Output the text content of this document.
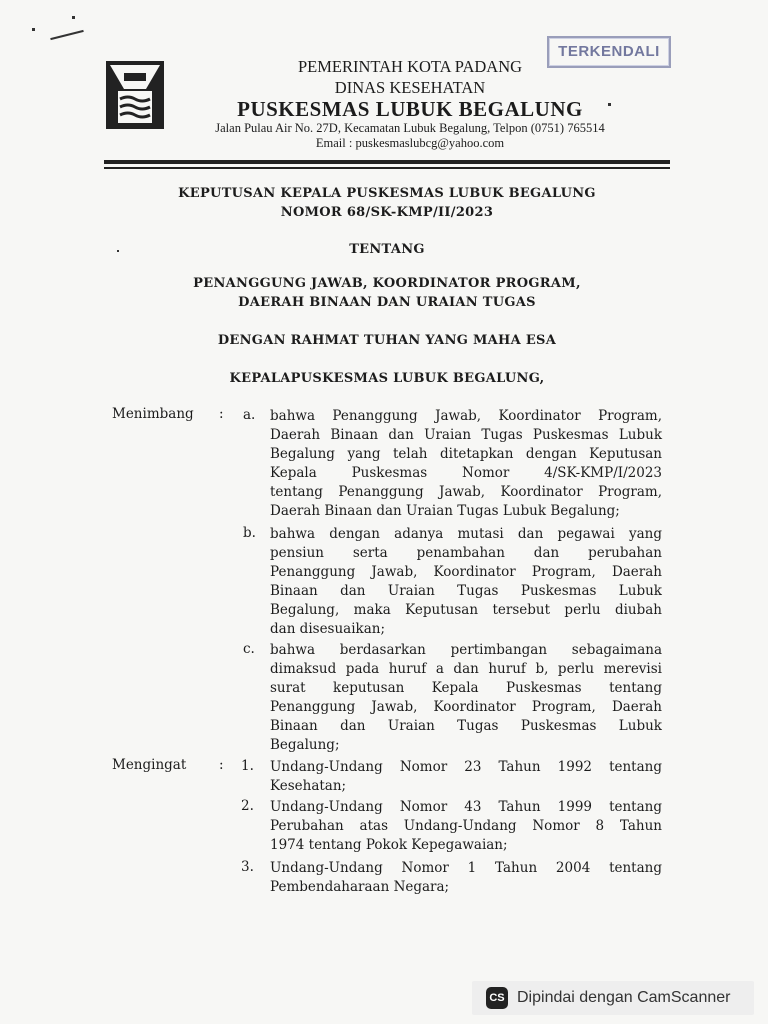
PEMERINTAH KOTA PADANG
DINAS KESEHATAN
PUSKESMAS LUBUK BEGALUNG
Jalan Pulau Air No. 27D, Kecamatan Lubuk Begalung, Telpon (0751) 765514
Email : puskesmaslubcg@yahoo.com
TERKENDALI
KEPUTUSAN KEPALA PUSKESMAS LUBUK BEGALUNG
NOMOR 68/SK-KMP/II/2023
TENTANG
PENANGGUNG JAWAB, KOORDINATOR PROGRAM,
DAERAH BINAAN DAN URAIAN TUGAS
DENGAN RAHMAT TUHAN YANG MAHA ESA
KEPALAPUSKESMAS LUBUK BEGALUNG,
Menimbang : a. bahwa Penanggung Jawab, Koordinator Program,
Daerah Binaan dan Uraian Tugas Puskesmas Lubuk
Begalung yang telah ditetapkan dengan Keputusan
Kepala Puskesmas Nomor 4/SK-KMP/I/2023
tentang Penanggung Jawab, Koordinator Program,
Daerah Binaan dan Uraian Tugas Lubuk Begalung;
b. bahwa dengan adanya mutasi dan pegawai yang
pensiun serta penambahan dan perubahan
Penanggung Jawab, Koordinator Program, Daerah
Binaan dan Uraian Tugas Puskesmas Lubuk
Begalung, maka Keputusan tersebut perlu diubah
dan disesuaikan;
c. bahwa berdasarkan pertimbangan sebagaimana
dimaksud pada huruf a dan huruf b, perlu merevisi
surat keputusan Kepala Puskesmas tentang
Penanggung Jawab, Koordinator Program, Daerah
Binaan dan Uraian Tugas Puskesmas Lubuk
Begalung;
Mengingat : 1. Undang-Undang Nomor 23 Tahun 1992 tentang
Kesehatan;
2. Undang-Undang Nomor 43 Tahun 1999 tentang
Perubahan atas Undang-Undang Nomor 8 Tahun
1974 tentang Pokok Kepegawaian;
3. Undang-Undang Nomor 1 Tahun 2004 tentang
Pembendaharaan Negara;
CS Dipindai dengan CamScanner
